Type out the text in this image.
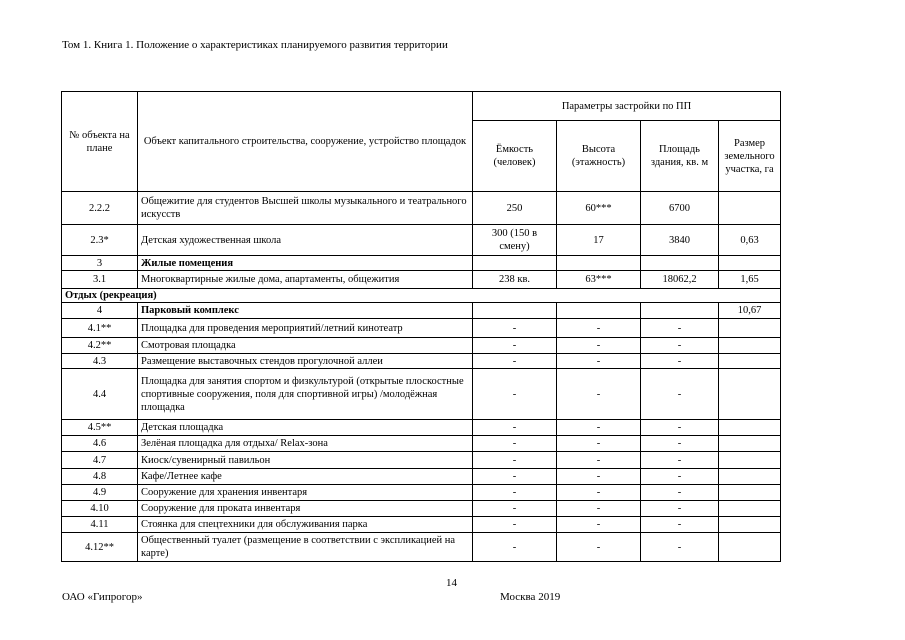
Том 1. Книга 1. Положение о характеристиках планируемого развития территории
№ объекта на плане	Объект капитального строительства, сооружение, устройство площадок	Параметры застройки по ПП			
		Ёмкость (человек)	Высота (этажность)	Площадь здания, кв. м	Размер земельного участка, га
2.2.2	Общежитие для студентов Высшей школы музыкального и театрального искусств	250	60***	6700	
2.3*	Детская художественная школа	300 (150 в смену)	17	3840	0,63
3	Жилые помещения				
3.1	Многоквартирные жилые дома, апартаменты, общежития	238 кв.	63***	18062,2	1,65
Отдых (рекреация)					
4	Парковый комплекс				10,67
4.1**	Площадка для проведения мероприятий/летний кинотеатр	-	-	-	
4.2**	Смотровая площадка	-	-	-	
4.3	Размещение выставочных стендов прогулочной аллеи	-	-	-	
4.4	Площадка для занятия спортом и физкультурой (открытые плоскостные спортивные сооружения, поля для спортивной игры) /молодёжная площадка	-	-	-	
4.5**	Детская площадка	-	-	-	
4.6	Зелёная площадка для отдыха/ Relax-зона	-	-	-	
4.7	Киоск/сувенирный павильон	-	-	-	
4.8	Кафе/Летнее кафе	-	-	-	
4.9	Сооружение для хранения инвентаря	-	-	-	
4.10	Сооружение для проката инвентаря	-	-	-	
4.11	Стоянка для спецтехники для обслуживания парка	-	-	-	
4.12**	Общественный туалет (размещение в соответствии с экспликацией на карте)	-	-	-	
14
ОАО «Гипрогор»	Москва 2019
